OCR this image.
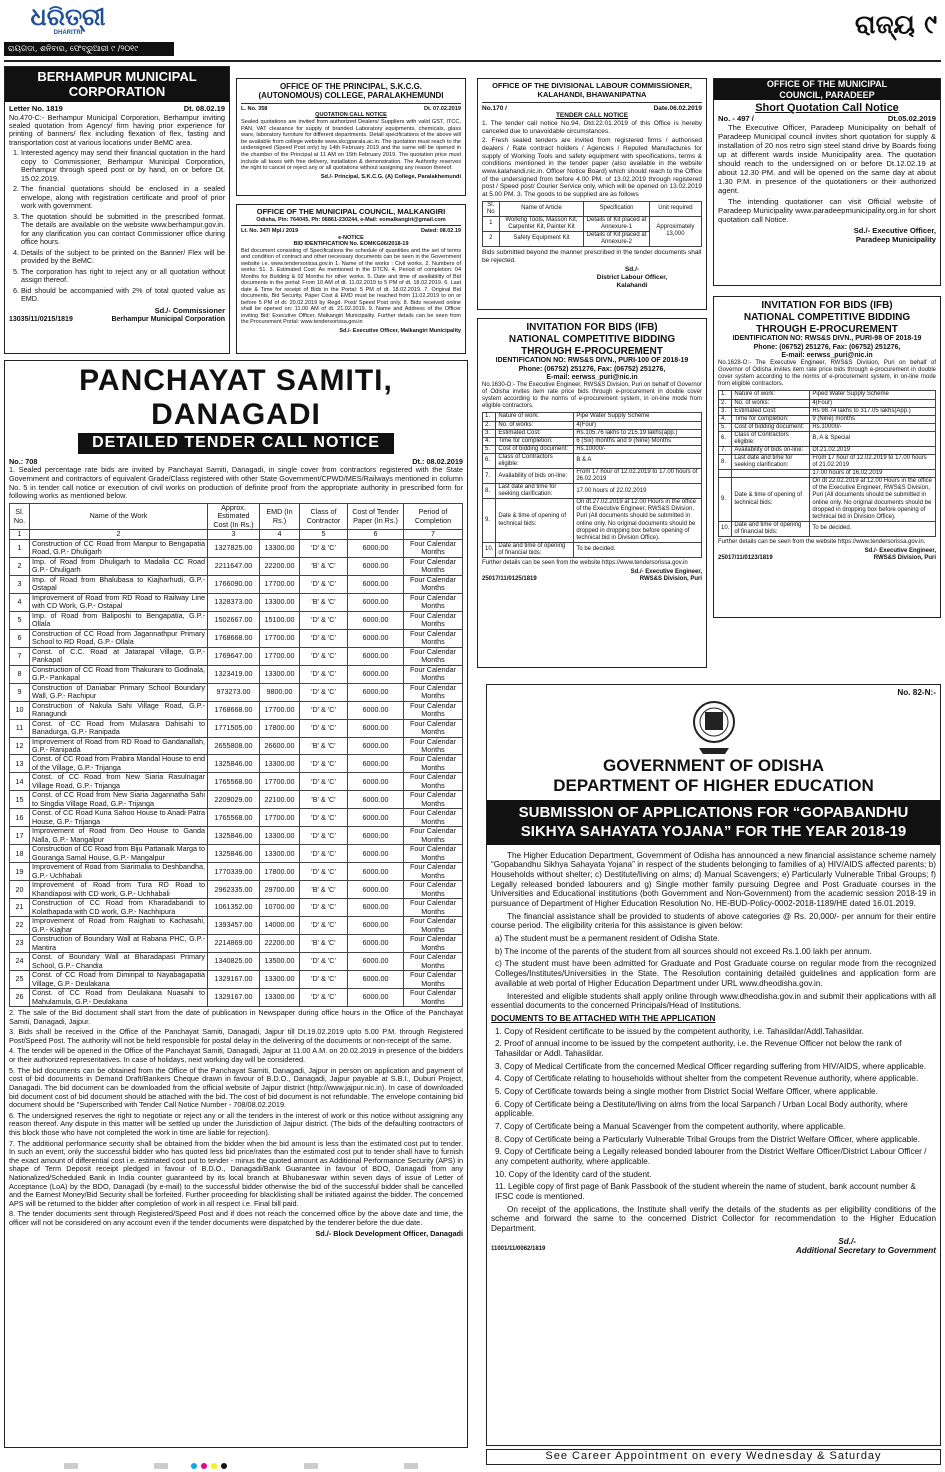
ଧରିତ୍ରୀ
DHARITRI
ରାୟଗଡ଼ା, ଶନିବାର, ଫେବ୍ରୁଆରୀ ୯ /୨୦୧୯
ରାଜ୍ୟ ୯
BERHAMPUR MUNICIPAL CORPORATION
Letter No. 1819	Dt. 08.02.19

No.470-C:- Berhampur Municipal Corporation, Berhampur inviting sealed quotation from Agency/ firm having prior experience for printing of banners/ flex including flexation of flex, fasting and transportation cost at various locations under BeMC area.

1. Interested agency may send their financial quotation in the hard copy to Commissioner, Berhampur Municipal Corporation, Berhampur through speed post or by hand, on or before Dt. 15.02.2019.
2. The financial quotations should be enclosed in a sealed envelope, along with registration certificate and proof of prior work with government.
3. The quotation should be submitted in the prescribed format. The details are available on the website www.berhampur.gov.in. for any clarification you can contact Commissioner office during office hours.
4. Details of the subject to be printed on the Banner/ Flex will be provided by the BeMC.
5. The corporation has right to reject any or all quotation without assign thereof.
6. Bid should be accompanied with 2% of total quoted value as EMD.
Sd./- Commissioner
13035/11/0215/1819	Berhampur Municipal Corporation
OFFICE OF THE PRINCIPAL, S.K.C.G.
(AUTONOMOUS) COLLEGE, PARALAKHEMUNDI
L. No. 358	Dt. 07.02.2019
QUOTATION CALL NOTICE

Sealed quotations are invited from authorized Dealers/ Suppliers with valid GST, ITCC, PAN, VAT clearance for supply of branded Laboratory equipments, chemicals, glass ware, laboratory furniture for different departments. Detail specifications of the above will be available from college website www.skcgparala.ac.in. The quotation must reach to the undersigned (Speed Post only) by 14th February 2019 and the same will be opened in the chamber of the Principal at 11 AM on 15th February 2019. The quotation price must include all taxes with free delivery, installation & demonstration. The Authority reserves the right to cancel or reject any or all quotations without assigning any reason thereof.

Sd./- Principal, S.K.C.G. (A) College, Paralakhemundi
OFFICE OF THE MUNICIPAL COUNCIL, MALKANGIRI
Odisha, Pin: 764045, Ph: 06861-230244, e-Mail: eomalkangiri@gmail.com
Lt. No. 347/ Mpl./ 2019	Dated: 08.02.19
e-NOTICE
BID IDENTIFICATION No. EOMKG06/2018-19

Bid document consisting of Specifications the schedule of quantities and the set of terms and condition of contract and other necessary documents can be seen in the Government website i.e. www.tendersorissa.gov.in 1. Name of the works : Civil works. 2. Numbers of works: 51. 3. Estimated Cost: As mentioned in the DTCN. 4. Period of completion: 04 Months for Building & 02 Months for other works. 5. Date and time of availability of Bid documents in the portal: From 10 AM of dt. 11.02.2019 to 5 PM of dt. 18.02.2019. 6. Last date & Time for receipt of Bids in the Portal: 5 PM of dt. 18.02.2019. 7. Original Bid documents, Bid Security, Paper Cost & EMD must be reached from 11.02.2019 to on or before 5 PM of dt. 20.02.2019 by Regd. Post/ Speed Post only. 8. Bids received online shall be opened on: 11.00 AM of dt. 21.02.2019. 9. Name and Address of the Officer inviting Bid: Executive Officer, Malkangiri Municipality. Further details can be seen from the Procurement Portal: www.tendersorissa.gov.in

Sd./- Executive Officer, Malkangiri Municipality
OFFICE OF THE DIVISIONAL LABOUR COMMISSIONER,
KALAHANDI, BHAWANIPATNA
No.170 /	Date.06.02.2019
TENDER CALL NOTICE

1. The tender call notice No.94, Dtd.22.01.2019 of this Office is hereby canceled due to unavoidable circumstances.

2. Fresh sealed tenders are invited from registered firms / authorised dealers / Rate contract holders / Agencies / Reputed Manufactures for supply of Working Tools and safety equipment with specifications, terms & conditions mentioned in the tender paper (also available in the website www.kalahandi.nic.in. Officer Notice Board) which should reach to the Office of the undersigned from before 4.00 PM. of 13.02.2019 through registered post / Speed post/ Courier Service only, which will be opened on 13.02.2019 at 5.00 PM. 3. The goods to be supplied are as follows

Sl. No	Name of Article	Specification	Unit required
1	Working Tools, Masson Kit, Carpenter Kit, Painter Kit	Details of Kit placed at Annexure-1	Approximately 13,000
2	Safety Equipment Kit	Details of Kit placed at Annexure-2	

Bids submitted beyond the manner prescribed in the tender documents shall be rejected.

Sd./-
District Labour Officer,
Kalahandi
OFFICE OF THE MUNICIPAL
COUNCIL, PARADEEP
Short Quotation Call Notice
No. - 497 /	Dt.05.02.2019

The Executive Officer, Paradeep Municipality on behalf of Paradeep Municipal council invites short quotation for supply & installation of 20 nos retro sign steel stand drive by Boards fixing up at different wards inside Municipality area. The quotation should reach to the undersigned on or before Dt.12.02.19 at about 12.30 PM. and will be opened on the same day at about 1.30 P.M. in presence of the quotationers or their authorized agent.

The intending quotationer can visit Official website of Paradeep Municipality www.paradeepmunicipality.org.in for short quotation call Notice.

Sd./- Executive Officer,
Paradeep Municipality
INVITATION FOR BIDS (IFB)
NATIONAL COMPETITIVE BIDDING
THROUGH E-PROCUREMENT
IDENTIFICATION NO: RWS&S DIVN., PURI-100 OF 2018-19
Phone: (06752) 251276, Fax: (06752) 251276,
E-mail: eerwss_puri@nic.in

No.1630-O:- The Executive Engineer, RWS&S Division, Puri on behalf of Governor of Odisha invites item rate price bids through e-procurement in double cover system according to the norms of e-procurement system, in on-line mode from eligible contractors.

1.	Nature of work:	Pipe Water Supply Scheme
2.	No. of works:	4(Four)
3.	Estimated Cost:	Rs.105.76 lakhs to 215.19 lakhs(app.)
4.	Time for completion:	6 (Six) months and 9 (Nine) Months
5.	Cost of bidding document:	Rs.10000/-
6.	Class of Contractors eligible:	B & A
7.	Availability of bids on-line:	From 17 hour of 12.02.2019 to 17.00 hours of 26.02.2019
8.	Last date and time for seeking clarification:	17.00 hours of 22.02.2019
9.	Date & time of opening of technical bids:	On dt.27.02.2019 at 12.00 Hours in the office of the Executive Engineer, RWS&S Division, Puri (All documents should be submitted in online only. No original documents should be dropped in dropping box before opening of technical bid in Division Office).
10.	Date and time of opening of financial bids:	To be decided.

Further details can be seen from the website https://www.tendersorissa.gov.in

Sd./- Executive Engineer,
25017/11/0125/1819	RWS&S Division, Puri
INVITATION FOR BIDS (IFB)
NATIONAL COMPETITIVE BIDDING
THROUGH E-PROCUREMENT
IDENTIFICATION NO: RWS&S DIVN., PURI-98 OF 2018-19
Phone: (06752) 251276, Fax: (06752) 251276,
E-mail: eerwss_puri@nic.in

No.1628-O:- The Executive Engineer, RWS&S Division, Puri on behalf of Governor of Odisha invites item rate price bids through e-procurement in double cover system according to the norms of e-procurement system, in on-line mode from eligible contractors.

1.	Nature of work:	Piped Water Supply Scheme
2.	No. of works:	4(Four)
3.	Estimated Cost:	Rs 98.74 lakhs to 317.05 lakhs(App.)
4.	Time for completion:	9 (Nine) months
5.	Cost of bidding document:	Rs.10000/-
6.	Class of Contractors eligible:	B, A & Special
7.	Availability of bids on-line:	Dt.21.02.2019
8.	Last date and time for seeking clarification:	From 17 hour of 12.02.2019 to 17.00 hours of 21.02.2019
		17.00 hours of 16.02.2019
9.	Date & time of opening of technical bids:	On dt 22.02.2019 at 12.00 Hours in the office of the Executive Engineer, RWS&S Division, Puri (All documents should be submitted in online only. No original documents should be dropped in dropping box before opening of technical bid in Division Office).
10.	Date and time of opening of financial bids:	To be decided.

Further details can be seen from the website https://www.tendersorissa.gov.in.

Sd./- Executive Engineer,
25017/11/0123/1819	RWS&S Division, Puri
PANCHAYAT SAMITI, DANAGADI
DETAILED TENDER CALL NOTICE
No.: 708	Dt.: 08.02.2019

1. Sealed percentage rate bids are invited by Panchayat Samiti, Danagadi, in single cover from contractors registered with the State Government and contractors of equivalent Grade/Class registered with other State Government/CPWD/MES/Railways mentioned in column No. 5 in tender call notice or execution of civil works on production of definite proof from the appropriate authority in prescribed form for following works as mentioned below.

Sl. No.	Name of the Work	Approx. Estimated Cost (In Rs.)	EMD (In Rs.)	Class of Contractor	Cost of Tender Paper (In Rs.)	Period of Completion
1	2	3	4	5	6	7
1	Construction of CC Road from Manpur to Bengapatia Road, G.P.- Dhuligarh	1327825.00	13300.00	'D' & 'C'	6000.00	Four Calendar Months
2	Imp. of Road from Dhuligarh to Madalia CC Road G.P.- Dhuligarh	2211647.00	22200.00	'B' & 'C'	6000.00	Four Calendar Months
3	Imp. of Road from Bhalubasa to Kiajharhudi, G.P.- Ostapal	1766090.00	17700.00	'D' & 'C'	6000.00	Four Calendar Months
4	Improvement of Road from RD Road to Railway Line with CD Work, G.P.- Ostapal	1328373.00	13300.00	'B' & 'C'	6000.00	Four Calendar Months
5	Imp. of Road from Baliposhi to Bengapatia, G.P.- Ollala	1502667.00	15100.00	'D' & 'C'	6000.00	Four Calendar Months
6	Construction of CC Road from Jagannathpur Primary School to RD Road, G.P.- Ollala	1768668.00	17700.00	'D' & 'C'	6000.00	Four Calendar Months
7	Const. of C.C. Road at Jatarapal Village, G.P.- Pankapal	1769647.00	17700.00	'D' & 'C'	6000.00	Four Calendar Months
8	Construction of CC Road from Thakurani to Godinala, G.P.- Pankapal	1323419.00	13300.00	'D' & 'C'	6000.00	Four Calendar Months
9	Construction of Daniabar Primary School Boundary Wall, G.P.- Rachipur	973273.00	9800.00	'D' & 'C'	6000.00	Four Calendar Months
10	Construction of Nakula Sahi Village Road, G.P.- Ranagundi	1768668.00	17700.00	'D' & 'C'	6000.00	Four Calendar Months
11	Const. of CC Road from Mulasara Dahisahi to Banadurga, G.P.- Ranipada	1771505.00	17800.00	'D' & 'C'	6000.00	Four Calendar Months
12	Improvement of Road from RD Road to Gandanallah, G.P.- Ranipada	2655808.00	26600.00	'B' & 'C'	6000.00	Four Calendar Months
13	Const. of CC Road from Prabira Mandal House to end of the Village, G.P.- Trijanga	1325846.00	13300.00	'D' & 'C'	6000.00	Four Calendar Months
14	Const. of CC Road from New Siaria Rasulnagar Village Road, G.P.- Trijanga	1765568.00	17700.00	'D' & 'C'	6000.00	Four Calendar Months
15	Const. of CC Road from New Siaria Jagannatha Sahi to Singdia Village Road, G.P.- Trijanga	2209029.00	22100.00	'B' & 'C'	6000.00	Four Calendar Months
16	Const. of CC Road Kuna Sahoo House to Anadi Patra House, G.P.- Trijanga	1765568.00	17700.00	'D' & 'C'	6000.00	Four Calendar Months
17	Improvement of Road from Deo House to Ganda Nalla, G.P.- Mangalpur	1325846.00	13300.00	'D' & 'C'	6000.00	Four Calendar Months
18	Construction of CC Road from Biju Pattanaik Marga to Gouranga Samal House, G.P.- Mangalpur	1325846.00	13300.00	'D' & 'C'	6000.00	Four Calendar Months
19	Improvement of Road from Siarimalia to Deshbandha, G.P.- Uchhabali	1770339.00	17800.00	'D' & 'C'	6000.00	Four Calendar Months
20	Improvement of Road from Tura RD Road to Khandiaposi with CD work, G.P.- Uchhabali	2962335.00	29700.00	'B' & 'C'	6000.00	Four Calendar Months
21	Construction of CC Road from Kharadabandi to Kolathapada with CD work, G.P.- Nachhipura	1061352.00	10700.00	'D' & 'C'	6000.00	Four Calendar Months
22	Improvement of Road from Raighati to Kachasahi, G.P.- Kiajhar	1393457.00	14000.00	'D' & 'C'	6000.00	Four Calendar Months
23	Construction of Boundary Wall at Rabana PHC, G.P.- Mantira	2214869.00	22200.00	'B' & 'C'	6000.00	Four Calendar Months
24	Const. of Boundary Wall at Bharadapasi Primary School, G.P.- Chandia	1340825.00	13500.00	'D' & 'C'	6000.00	Four Calendar Months
25	Const. of CC Road from Dimiripal to Nayabagapatia Village, G.P.- Deulakana	1329167.00	13300.00	'D' & 'C'	6000.00	Four Calendar Months
26	Const. of CC Road from Deulakana Nuasahi to Mahulamula, G.P.- Deulakana	1329167.00	13300.00	'D' & 'C'	6000.00	Four Calendar Months

2. The sale of the Bid document shall start from the date of publication in Newspaper during office hours in the Office of the Panchayat Samiti, Danagadi, Jajpur.

3. Bids shall be received in the Office of the Panchayat Samiti, Danagadi, Jajpur till Dt.19.02.2019 upto 5.00 P.M. through Registered Post/Speed Post. The authority will not be held responsible for postal delay in the delivering of the documents or non-receipt of the same.

4. The tender will be opened in the Office of the Panchayat Samiti, Danagadi, Jajpur at 11.00 A.M. on 20.02.2019 in presence of the bidders or their authorized representatives. In case of holidays, next working day will be considered.

5. The bid documents can be obtained from the Office of the Panchayat Samiti, Danagadi, Jajpur in person on application and payment of cost of bid documents in Demand Draft/Bankers Cheque drawn in favour of B.D.O., Danagadi, Jajpur payable at S.B.I., Duburi Project, Danagadi. The bid document can be downloaded from the official website of Jajpur district (http://www.jajpur.nic.in). In case of downloaded bid document cost of bid document should be attached with the bid. The cost of bid document is not refundable. The envelope containing bid document should be "Superscribed with Tender Call Notice Number - 708/08.02.2019.

6. The undersigned reserves the right to negotiate or reject any or all the tenders in the interest of work or this notice without assigning any reason thereof. Any dispute in this matter will be settled up under the Jurisdiction of Jajpur district. (The bids of the defaulting contractors of this block those who have not completed the work in time are liable for rejection).

7. The additional performance security shall be obtained from the bidder when the bid amount is less than the estimated cost put to tender. In such an event, only the successful bidder who has quoted less bid price/rates than the estimated cost put to tender shall have to furnish the exact amount of differential cost i.e. estimated cost put to tender - minus the quoted amount as Additional Performance Security (APS) in shape of Term Deposit receipt pledged in favour of B.D.O., Danagadi/Bank Guarantee in favour of BDO, Danagadi from any Nationalized/Scheduled Bank in India counter guaranteed by its local branch at Bhubaneswar within seven days of issue of Letter of Acceptance (LoA) by the BDO, Danagadi (by e-mail) to the successful bidder otherwise the bid of the successful bidder shall be cancelled and the Earnest Money/Bid Security shall be forfeited. Further proceeding for blacklisting shall be initiated against the bidder. The concerned APS will be returned to the bidder after completion of work in all respect i.e. Final bill paid.

8. The tender documents sent through Registered/Speed Post and if does not reach the concerned office by the above date and time, the officer will not be considered on any account even if the tender documents were dispatched by the tenderer before the due date.

Sd./- Block Development Officer, Danagadi
No. 82-N:-
GOVERNMENT OF ODISHA
DEPARTMENT OF HIGHER EDUCATION
SUBMISSION OF APPLICATIONS FOR “GOPABANDHU SIKHYA SAHAYATA YOJANA” FOR THE YEAR 2018-19

The Higher Education Department, Government of Odisha has announced a new financial assistance scheme namely “Gopabandhu Sikhya Sahayata Yojana” in respect of the students belonging to families of a) HIV/AIDS affected parents; b) Households without shelter; c) Destitute/living on alms; d) Manual Scavengers; e) Particularly Vulnerable Tribal Groups; f) Legally released bonded labourers and g) Single mother family pursuing Degree and Post Graduate courses in the Universities and Educational institutions (both Government and Non-Government) from the academic session 2018-19 in pursuance of Department of Higher Education Resolution No. HE-BUD-Policy-0002-2018-1189/HE dated 16.01.2019.

The financial assistance shall be provided to students of above categories @ Rs. 20,000/- per annum for their entire course period. The eligibility criteria for this assistance is given below:

a) The student must be a permanent resident of Odisha State.

b) The income of the parents of the student from all sources should not exceed Rs.1.00 lakh per annum.

c) The student must have been admitted for Graduate and Post Graduate course on regular mode from the recognized Colleges/Institutes/Universities in the State. The Resolution containing detailed guidelines and application form are available at web portal of Higher Education Department under URL www.dheodisha.gov.in.

Interested and eligible students shall apply online through www.dheodisha.gov.in and submit their applications with all essential documents to the concerned Principals/Head of Institutions.

DOCUMENTS TO BE ATTACHED WITH THE APPLICATION

1. Copy of Resident certificate to be issued by the competent authority, i.e. Tahasildar/Addl.Tahasildar.

2. Proof of annual income to be issued by the competent authority, i.e. the Revenue Officer not below the rank of Tahasildar or Addl. Tahasildar.

3. Copy of Medical Certificate from the concerned Medical Officer regarding suffering from HIV/AIDS, where applicable.

4. Copy of Certificate relating to households without shelter from the competent Revenue authority, where applicable.

5. Copy of Certificate towards being a single mother from District Social Welfare Officer, where applicable.

6. Copy of Certificate being a Destitute/living on alms from the local Sarpanch / Urban Local Body authority, where applicable.

7. Copy of Certificate being a Manual Scavenger from the competent authority, where applicable.

8. Copy of Certificate being a Particularly Vulnerable Tribal Groups from the District Welfare Officer, where applicable.

9. Copy of Certificate being a Legally released bonded labourer from the District Welfare Officer/District Labour Officer / any competent authority, where applicable.

10. Copy of the Identity card of the student.

11. Legible copy of first page of Bank Passbook of the student wherein the name of student, bank account number & IFSC code is mentioned.

On receipt of the applications, the Institute shall verify the details of the students as per eligibility conditions of the scheme and forward the same to the concerned District Collector for recommendation to the Higher Education Department.

Sd./-
11001/11/0062/1819	Additional Secretary to Government
See Career Appointment on every Wednesday & Saturday
